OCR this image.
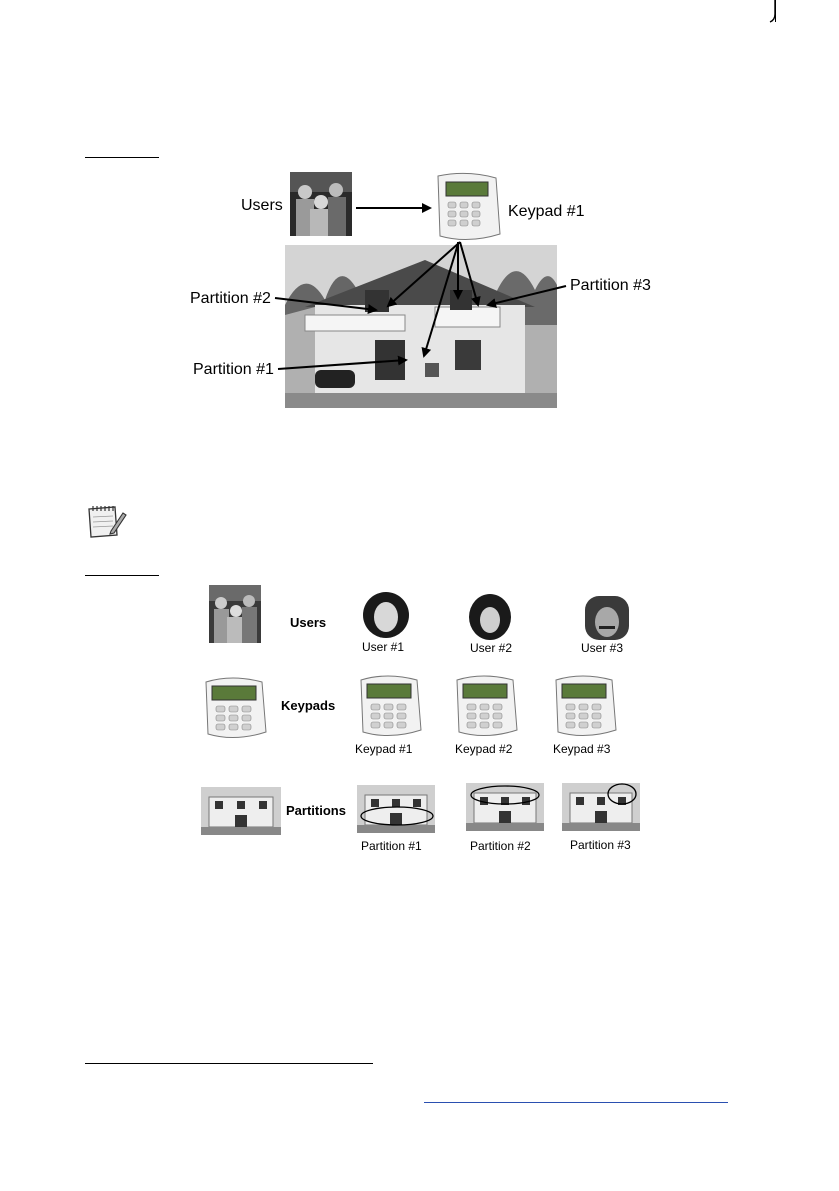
Users	Keypad #1
Partition #2
Partition #3
Partition #1
Users
User #1	User #2	User #3
Keypads
Keypad #1	Keypad #2	Keypad #3
Partitions
Partition #1	Partition #2	Partition #3
